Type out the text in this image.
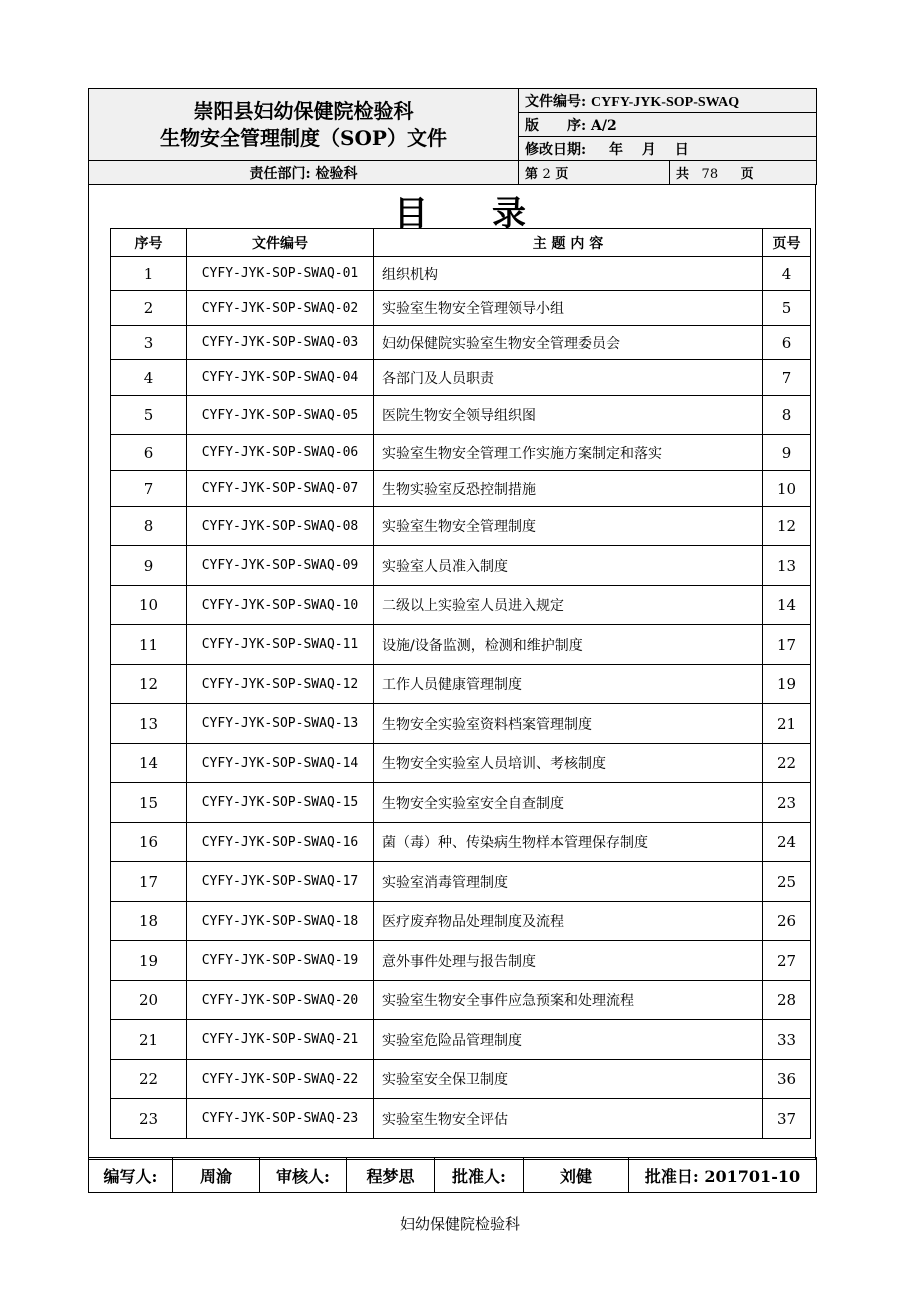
崇阳县妇幼保健院检验科
生物安全管理制度（SOP）文件	文件编号: CYFY-JYK-SOP-SWAQ	
	版　　序: A/2	
	修改日期: 年　 月　 日	
责任部门: 检验科	第 2 页	共 78 页
目录
序号	文件编号	主 题 内 容	页号
1	CYFY-JYK-SOP-SWAQ-01	组织机构	4
2	CYFY-JYK-SOP-SWAQ-02	实验室生物安全管理领导小组	5
3	CYFY-JYK-SOP-SWAQ-03	妇幼保健院实验室生物安全管理委员会	6
4	CYFY-JYK-SOP-SWAQ-04	各部门及人员职责	7
5	CYFY-JYK-SOP-SWAQ-05	医院生物安全领导组织图	8
6	CYFY-JYK-SOP-SWAQ-06	实验室生物安全管理工作实施方案制定和落实	9
7	CYFY-JYK-SOP-SWAQ-07	生物实验室反恐控制措施	10
8	CYFY-JYK-SOP-SWAQ-08	实验室生物安全管理制度	12
9	CYFY-JYK-SOP-SWAQ-09	实验室人员准入制度	13
10	CYFY-JYK-SOP-SWAQ-10	二级以上实验室人员进入规定	14
11	CYFY-JYK-SOP-SWAQ-11	设施/设备监测，检测和维护制度	17
12	CYFY-JYK-SOP-SWAQ-12	工作人员健康管理制度	19
13	CYFY-JYK-SOP-SWAQ-13	生物安全实验室资料档案管理制度	21
14	CYFY-JYK-SOP-SWAQ-14	生物安全实验室人员培训、考核制度	22
15	CYFY-JYK-SOP-SWAQ-15	生物安全实验室安全自查制度	23
16	CYFY-JYK-SOP-SWAQ-16	菌（毒）种、传染病生物样本管理保存制度	24
17	CYFY-JYK-SOP-SWAQ-17	实验室消毒管理制度	25
18	CYFY-JYK-SOP-SWAQ-18	医疗废弃物品处理制度及流程	26
19	CYFY-JYK-SOP-SWAQ-19	意外事件处理与报告制度	27
20	CYFY-JYK-SOP-SWAQ-20	实验室生物安全事件应急预案和处理流程	28
21	CYFY-JYK-SOP-SWAQ-21	实验室危险品管理制度	33
22	CYFY-JYK-SOP-SWAQ-22	实验室安全保卫制度	36
23	CYFY-JYK-SOP-SWAQ-23	实验室生物安全评估	37
编写人:	周渝	审核人:	程梦思	批准人:	刘健	批准日: 201701-10
妇幼保健院检验科
